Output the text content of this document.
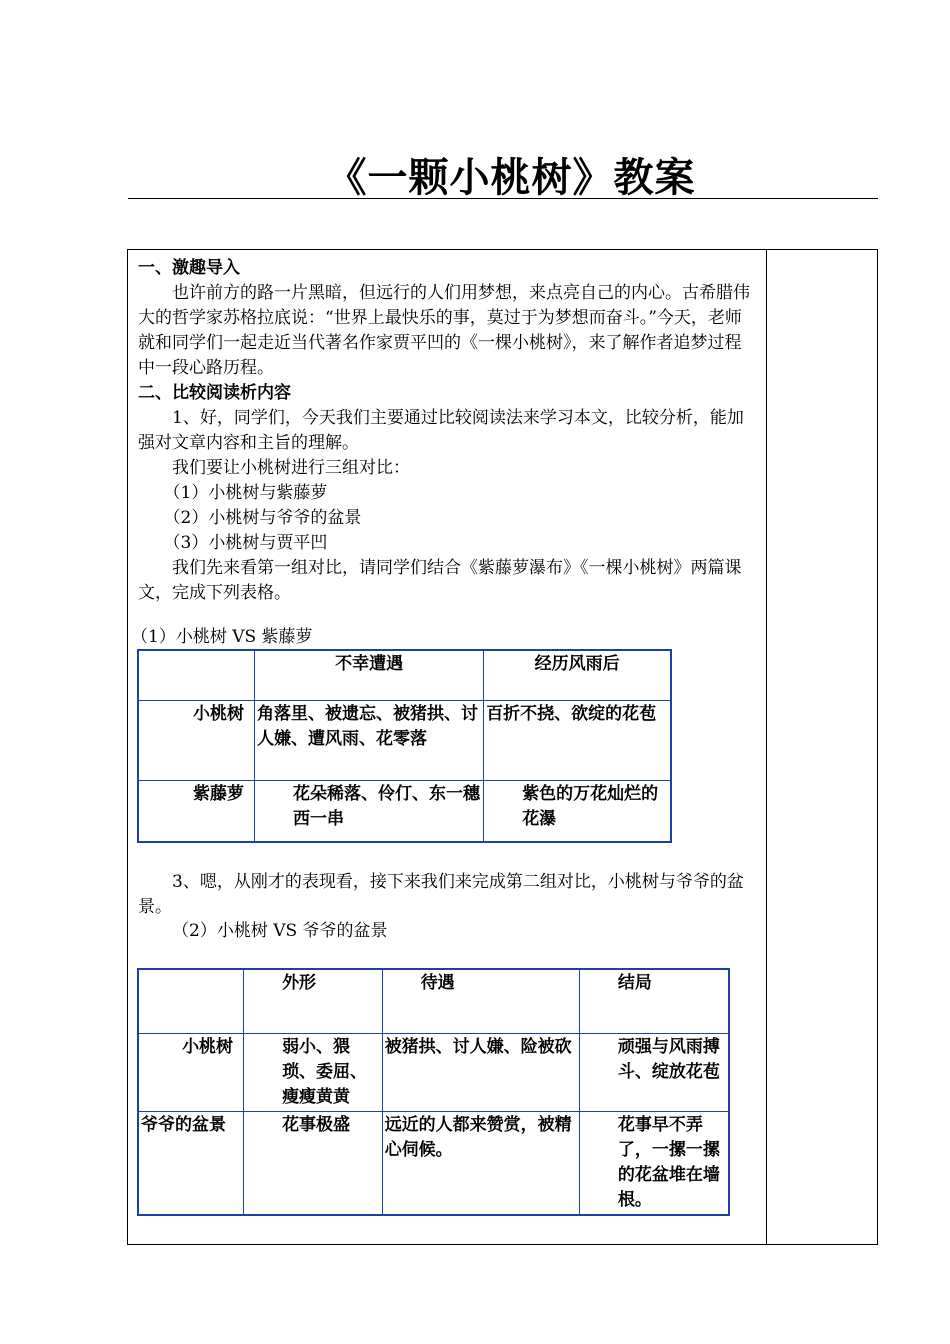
《一颗小桃树》教案

一、激趣导入

也许前方的路一片黑暗，但远行的人们用梦想，来点亮自己的内心。古希腊伟大的哲学家苏格拉底说：“世界上最快乐的事，莫过于为梦想而奋斗。”今天，老师就和同学们一起走近当代著名作家贾平凹的《一棵小桃树》，来了解作者追梦过程中一段心路历程。

二、比较阅读析内容

1、好，同学们，今天我们主要通过比较阅读法来学习本文，比较分析，能加强对文章内容和主旨的理解。

我们要让小桃树进行三组对比：

（1）小桃树与紫藤萝

（2）小桃树与爷爷的盆景

（3）小桃树与贾平凹

我们先来看第一组对比，请同学们结合《紫藤萝瀑布》《一棵小桃树》两篇课文，完成下列表格。

（1）小桃树 VS 紫藤萝
	不幸遭遇	经历风雨后
小桃树	角落里、被遗忘、被猪拱、讨人嫌、遭风雨、花零落	百折不挠、欲绽的花苞
紫藤萝	花朵稀落、伶仃、东一穗西一串	紫色的万花灿烂的花瀑
3、嗯，从刚才的表现看，接下来我们来完成第二组对比，小桃树与爷爷的盆景。
（2）小桃树 VS 爷爷的盆景
	外形	待遇	结局
小桃树	弱小、猥琐、委屈、瘦瘦黄黄	被猪拱、讨人嫌、险被砍	顽强与风雨搏斗、绽放花苞
爷爷的盆景	花事极盛	远近的人都来赞赏，被精心伺候。	花事早不弄了，一摞一摞的花盆堆在墙根。
